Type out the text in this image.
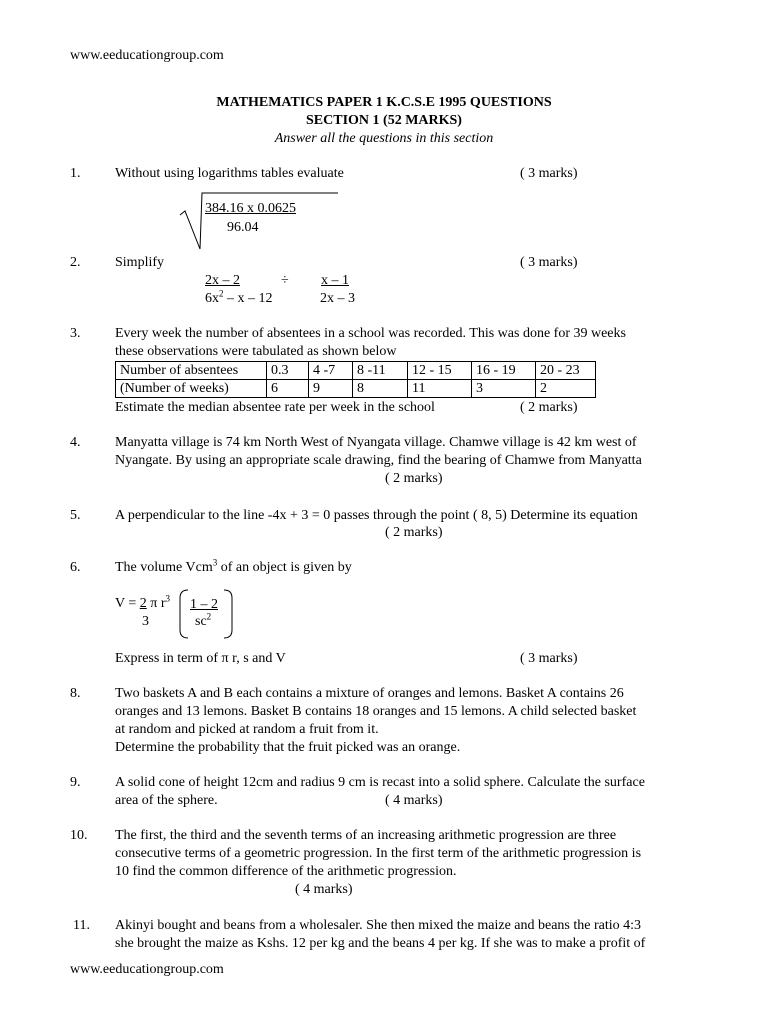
www.eeducationgroup.com
MATHEMATICS PAPER 1 K.C.S.E 1995 QUESTIONS
SECTION 1 (52 MARKS)
Answer all the questions in this section
1. Without using logarithms tables evaluate	( 3 marks)
384.16 x 0.0625
96.04
2. Simplify	( 3 marks)
2x – 2
$6x^2$ – x – 12
÷ x – 1
2x – 3
3. Every week the number of absentees in a school was recorded. This was done for 39 weeks
these observations were tabulated as shown below
Number of absentees	0.3	4 -7	8 -11	12 - 15	16 - 19	20 - 23
(Number of weeks)	6	9	8	11	3	2
Estimate the median absentee rate per week in the school	( 2 marks)
4. Manyatta village is 74 km North West of Nyangata village. Chamwe village is 42 km west of
Nyangate. By using an appropriate scale drawing, find the bearing of Chamwe from Manyatta
( 2 marks)
5. A perpendicular to the line -4x + 3 = 0 passes through the point ( 8, 5) Determine its equation
( 2 marks)
6. The volume Vcm$^3$ of an object is given by
V = 2 π $r^3$
3
1 – 2
$sc^2$
Express in term of π r, s and V	( 3 marks)
8. Two baskets A and B each contains a mixture of oranges and lemons. Basket A contains 26
oranges and 13 lemons. Basket B contains 18 oranges and 15 lemons. A child selected basket
at random and picked at random a fruit from it.
Determine the probability that the fruit picked was an orange.
9. A solid cone of height 12cm and radius 9 cm is recast into a solid sphere. Calculate the surface
area of the sphere.	( 4 marks)
10. The first, the third and the seventh terms of an increasing arithmetic progression are three
consecutive terms of a geometric progression. In the first term of the arithmetic progression is
10 find the common difference of the arithmetic progression.
( 4 marks)
11. Akinyi bought and beans from a wholesaler. She then mixed the maize and beans the ratio 4:3
she brought the maize as Kshs. 12 per kg and the beans 4 per kg. If she was to make a profit of
www.eeducationgroup.com
